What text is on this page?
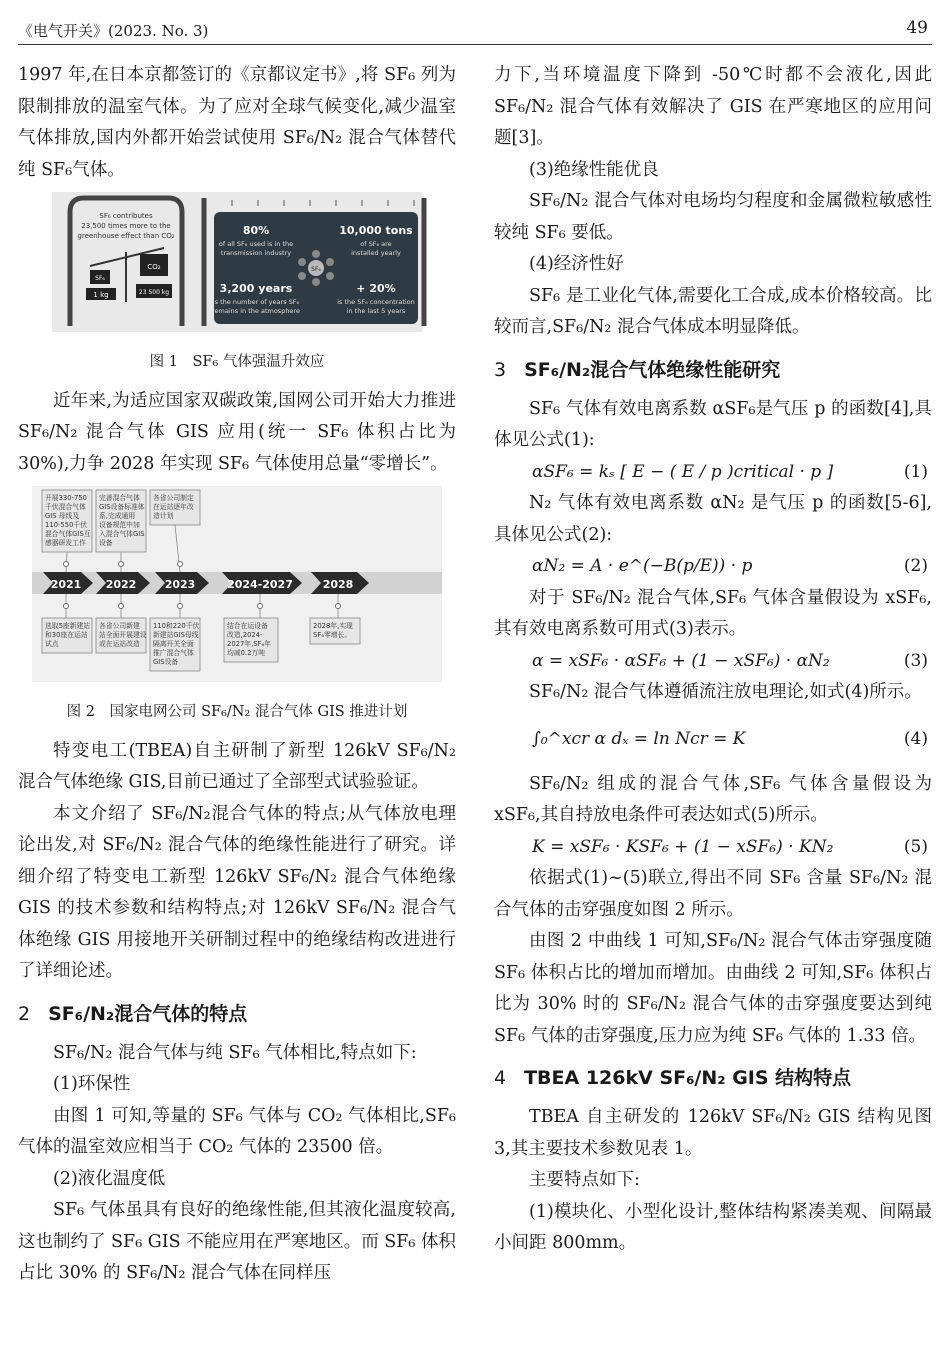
《电气开关》(2023. No. 3)	49

1997 年,在日本京都签订的《京都议定书》,将 SF₆ 列为限制排放的温室气体。为了应对全球气候变化,减少温室气体排放,国内外都开始尝试使用 SF₆/N₂ 混合气体替代纯 SF₆气体。

SF₆ contributes
23,500 times more to the
greenhouse effect than CO₂
SF₆
CO₂
1 kg	23 500 kg
80%
of all SF₆ used is in the
transmission industry
10,000 tons
of SF₆ are
installed yearly
SF₆
3,200 years
is the number of years SF₆
remains in the atmosphere
+ 20%
is the SF₆ concentration
in the last 5 years
图 1　SF₆ 气体强温升效应

近年来,为适应国家双碳政策,国网公司开始大力推进 SF₆/N₂ 混合气体 GIS 应用(统一 SF₆ 体积占比为 30%),力争 2028 年实现 SF₆ 气体使用总量“零增长”。

2021 2022	2023	2024-2027	2028
开展330-750
千伏混合气体
GIS 母线及
110-550千伏
混合气体GIS互
感器研发工作
完善混合气体
GIS设备标准体
系,完成通用
设备规范中加
入混合气体GIS
设备
各省公司制定
在运站逐年改
造计划
选取5座新建站
和30座在运站
试点
各省公司新建
站全面开展建设
或在运站改造
110和220千伏
新建站GIS母线
隔离开关全面
推广混合气体
GIS设备
结合在运设备
改造,2024-
2027年,SF₆年
均减0.2万吨
2028年,实现
SF₆零增长。
图 2　国家电网公司 SF₆/N₂ 混合气体 GIS 推进计划

特变电工(TBEA)自主研制了新型 126kV SF₆/N₂ 混合气体绝缘 GIS,目前已通过了全部型式试验验证。

本文介绍了 SF₆/N₂混合气体的特点;从气体放电理论出发,对 SF₆/N₂ 混合气体的绝缘性能进行了研究。详细介绍了特变电工新型 126kV SF₆/N₂ 混合气体绝缘 GIS 的技术参数和结构特点;对 126kV SF₆/N₂ 混合气体绝缘 GIS 用接地开关研制过程中的绝缘结构改进进行了详细论述。

2 SF₆/N₂混合气体的特点

SF₆/N₂ 混合气体与纯 SF₆ 气体相比,特点如下:

(1)环保性

由图 1 可知,等量的 SF₆ 气体与 CO₂ 气体相比,SF₆ 气体的温室效应相当于 CO₂ 气体的 23500 倍。

(2)液化温度低

SF₆ 气体虽具有良好的绝缘性能,但其液化温度较高,这也制约了 SF₆ GIS 不能应用在严寒地区。而 SF₆ 体积占比 30% 的 SF₆/N₂ 混合气体在同样压

力下,当环境温度下降到 -50℃时都不会液化,因此 SF₆/N₂ 混合气体有效解决了 GIS 在严寒地区的应用问题[3]。

(3)绝缘性能优良

SF₆/N₂ 混合气体对电场均匀程度和金属微粒敏感性较纯 SF₆ 要低。

(4)经济性好

SF₆ 是工业化气体,需要化工合成,成本价格较高。比较而言,SF₆/N₂ 混合气体成本明显降低。

3 SF₆/N₂混合气体绝缘性能研究

SF₆ 气体有效电离系数 αSF₆是气压 p 的函数[4],具体见公式(1):

αSF₆ = kₛ [ E − ( E / p )critical · p ]	(1)

N₂ 气体有效电离系数 αN₂ 是气压 p 的函数[5-6],具体见公式(2):

αN₂ = A · e^(−B(p/E)) · p	(2)

对于 SF₆/N₂ 混合气体,SF₆ 气体含量假设为 xSF₆,其有效电离系数可用式(3)表示。

α = xSF₆ · αSF₆ + (1 − xSF₆) · αN₂	(3)

SF₆/N₂ 混合气体遵循流注放电理论,如式(4)所示。

∫₀^xcr α dₓ = ln Ncr = K	(4)

SF₆/N₂ 组成的混合气体,SF₆ 气体含量假设为 xSF₆,其自持放电条件可表达如式(5)所示。

K = xSF₆ · KSF₆ + (1 − xSF₆) · KN₂	(5)

依据式(1)~(5)联立,得出不同 SF₆ 含量 SF₆/N₂ 混合气体的击穿强度如图 2 所示。

由图 2 中曲线 1 可知,SF₆/N₂ 混合气体击穿强度随 SF₆ 体积占比的增加而增加。由曲线 2 可知,SF₆ 体积占比为 30% 时的 SF₆/N₂ 混合气体的击穿强度要达到纯 SF₆ 气体的击穿强度,压力应为纯 SF₆ 气体的 1.33 倍。

4 TBEA 126kV SF₆/N₂ GIS 结构特点

TBEA 自主研发的 126kV SF₆/N₂ GIS 结构见图 3,其主要技术参数见表 1。

主要特点如下:

(1)模块化、小型化设计,整体结构紧凑美观、间隔最小间距 800mm。
